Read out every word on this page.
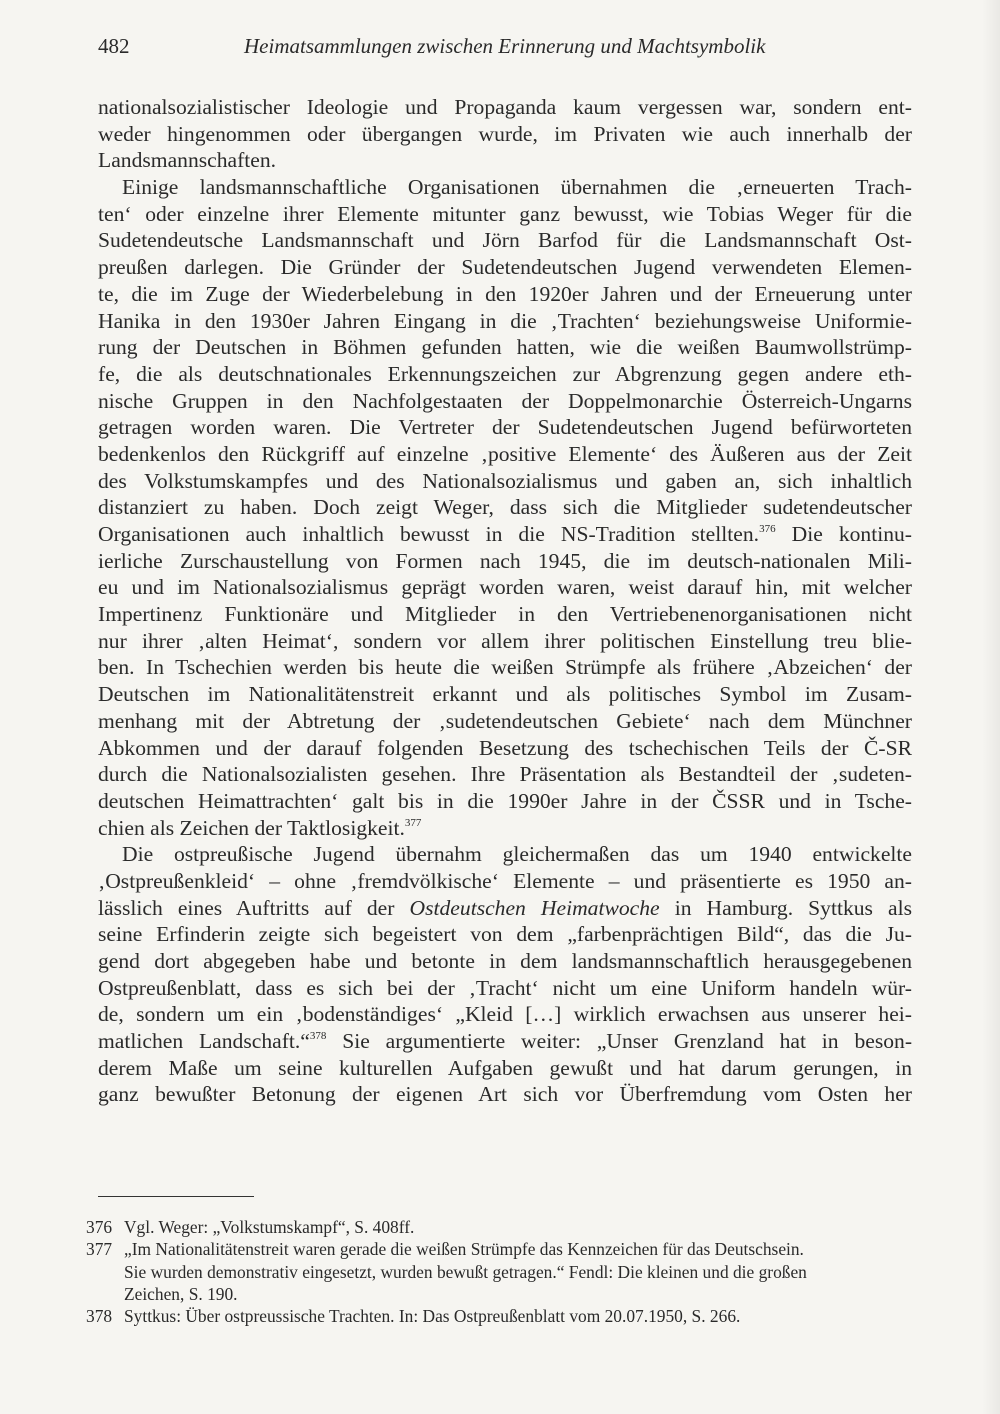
482	Heimatsammlungen zwischen Erinnerung und Machtsymbolik
nationalsozialistischer Ideologie und Propaganda kaum vergessen war, sondern ent-
weder hingenommen oder übergangen wurde, im Privaten wie auch innerhalb der
Landsmannschaften.
Einige landsmannschaftliche Organisationen übernahmen die ‚erneuerten Trach-
ten‘ oder einzelne ihrer Elemente mitunter ganz bewusst, wie Tobias Weger für die
Sudetendeutsche Landsmannschaft und Jörn Barfod für die Landsmannschaft Ost-
preußen darlegen. Die Gründer der Sudetendeutschen Jugend verwendeten Elemen-
te, die im Zuge der Wiederbelebung in den 1920er Jahren und der Erneuerung unter
Hanika in den 1930er Jahren Eingang in die ‚Trachten‘ beziehungsweise Uniformie-
rung der Deutschen in Böhmen gefunden hatten, wie die weißen Baumwollstrümp-
fe, die als deutschnationales Erkennungszeichen zur Abgrenzung gegen andere eth-
nische Gruppen in den Nachfolgestaaten der Doppelmonarchie Österreich-Ungarns
getragen worden waren. Die Vertreter der Sudetendeutschen Jugend befürworteten
bedenkenlos den Rückgriff auf einzelne ‚positive Elemente‘ des Äußeren aus der Zeit
des Volkstumskampfes und des Nationalsozialismus und gaben an, sich inhaltlich
distanziert zu haben. Doch zeigt Weger, dass sich die Mitglieder sudetendeutscher
Organisationen auch inhaltlich bewusst in die NS-Tradition stellten.$^{376}$ Die kontinu-
ierliche Zurschaustellung von Formen nach 1945, die im deutsch-nationalen Mili-
eu und im Nationalsozialismus geprägt worden waren, weist darauf hin, mit welcher
Impertinenz Funktionäre und Mitglieder in den Vertriebenenorganisationen nicht
nur ihrer ‚alten Heimat‘, sondern vor allem ihrer politischen Einstellung treu blie-
ben. In Tschechien werden bis heute die weißen Strümpfe als frühere ‚Abzeichen‘ der
Deutschen im Nationalitätenstreit erkannt und als politisches Symbol im Zusam-
menhang mit der Abtretung der ‚sudetendeutschen Gebiete‘ nach dem Münchner
Abkommen und der darauf folgenden Besetzung des tschechischen Teils der Č-SR
durch die Nationalsozialisten gesehen. Ihre Präsentation als Bestandteil der ‚sudeten-
deutschen Heimattrachten‘ galt bis in die 1990er Jahre in der ČSSR und in Tsche-
chien als Zeichen der Taktlosigkeit.$^{377}$
Die ostpreußische Jugend übernahm gleichermaßen das um 1940 entwickelte
‚Ostpreußenkleid‘ – ohne ‚fremdvölkische‘ Elemente – und präsentierte es 1950 an-
lässlich eines Auftritts auf der Ostdeutschen Heimatwoche in Hamburg. Syttkus als
seine Erfinderin zeigte sich begeistert von dem „farbenprächtigen Bild“, das die Ju-
gend dort abgegeben habe und betonte in dem landsmannschaftlich herausgegebenen
Ostpreußenblatt, dass es sich bei der ‚Tracht‘ nicht um eine Uniform handeln wür-
de, sondern um ein ‚bodenständiges‘ „Kleid […] wirklich erwachsen aus unserer hei-
matlichen Landschaft.“$^{378}$ Sie argumentierte weiter: „Unser Grenzland hat in beson-
derem Maße um seine kulturellen Aufgaben gewußt und hat darum gerungen, in
ganz bewußter Betonung der eigenen Art sich vor Überfremdung vom Osten her
376 Vgl. Weger: „Volkstumskampf“, S. 408ff.
377 „Im Nationalitätenstreit waren gerade die weißen Strümpfe das Kennzeichen für das Deutschsein.
Sie wurden demonstrativ eingesetzt, wurden bewußt getragen.“ Fendl: Die kleinen und die großen
Zeichen, S. 190.
378 Syttkus: Über ostpreussische Trachten. In: Das Ostpreußenblatt vom 20.07.1950, S. 266.
